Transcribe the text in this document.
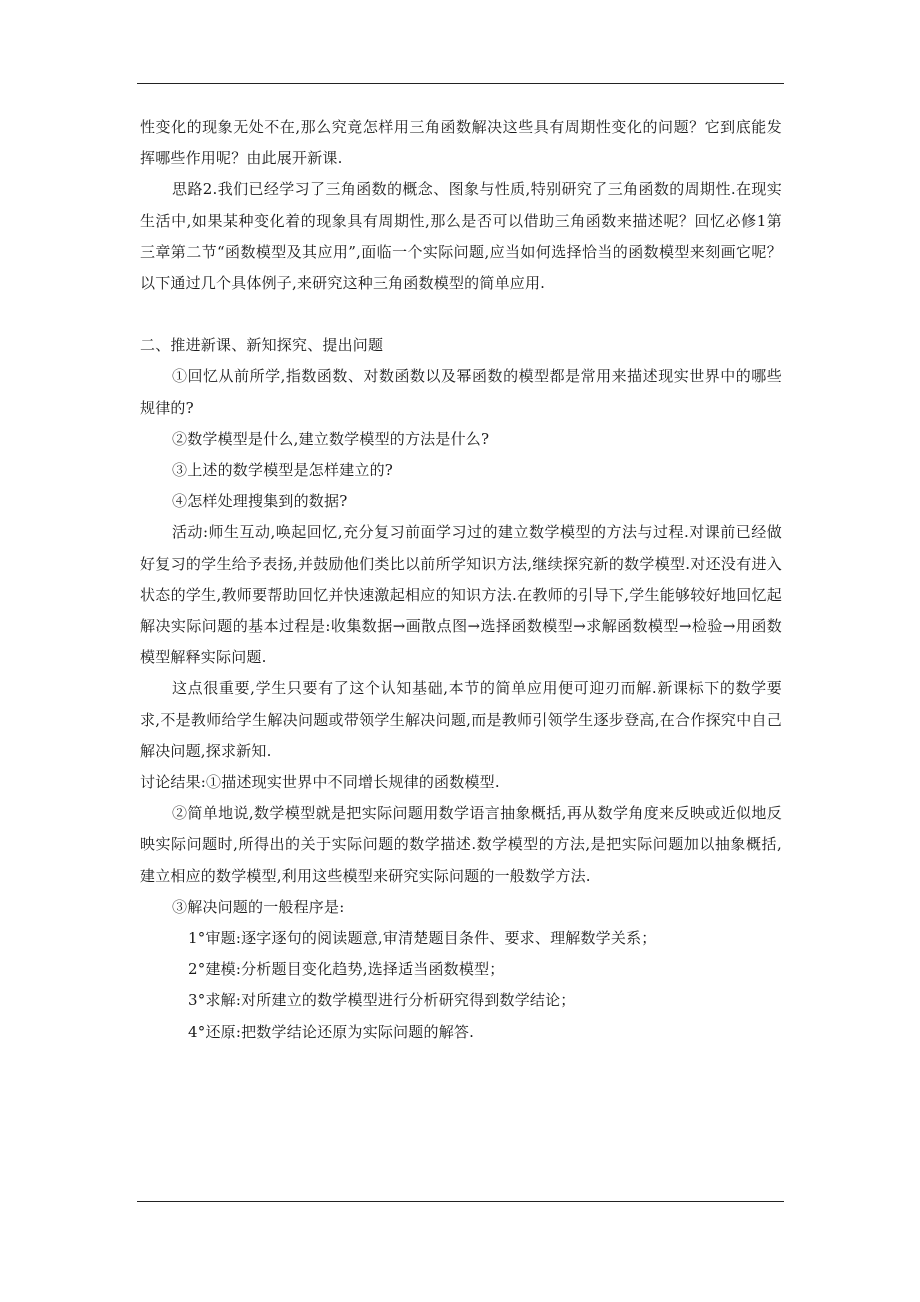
性变化的现象无处不在,那么究竟怎样用三角函数解决这些具有周期性变化的问题？它到底能发挥哪些作用呢？由此展开新课.

思路2.我们已经学习了三角函数的概念、图象与性质,特别研究了三角函数的周期性.在现实生活中,如果某种变化着的现象具有周期性,那么是否可以借助三角函数来描述呢？回忆必修1第三章第二节“函数模型及其应用”,面临一个实际问题,应当如何选择恰当的函数模型来刻画它呢？以下通过几个具体例子,来研究这种三角函数模型的简单应用.

二、推进新课、新知探究、提出问题

①回忆从前所学,指数函数、对数函数以及幂函数的模型都是常用来描述现实世界中的哪些规律的?

②数学模型是什么,建立数学模型的方法是什么?

③上述的数学模型是怎样建立的?

④怎样处理搜集到的数据?

活动:师生互动,唤起回忆,充分复习前面学习过的建立数学模型的方法与过程.对课前已经做好复习的学生给予表扬,并鼓励他们类比以前所学知识方法,继续探究新的数学模型.对还没有进入状态的学生,教师要帮助回忆并快速激起相应的知识方法.在教师的引导下,学生能够较好地回忆起解决实际问题的基本过程是:收集数据→画散点图→选择函数模型→求解函数模型→检验→用函数模型解释实际问题.

这点很重要,学生只要有了这个认知基础,本节的简单应用便可迎刃而解.新课标下的数学要求,不是教师给学生解决问题或带领学生解决问题,而是教师引领学生逐步登高,在合作探究中自己解决问题,探求新知.

讨论结果:①描述现实世界中不同增长规律的函数模型.

②简单地说,数学模型就是把实际问题用数学语言抽象概括,再从数学角度来反映或近似地反映实际问题时,所得出的关于实际问题的数学描述.数学模型的方法,是把实际问题加以抽象概括,建立相应的数学模型,利用这些模型来研究实际问题的一般数学方法.

③解决问题的一般程序是:

1°审题:逐字逐句的阅读题意,审清楚题目条件、要求、理解数学关系；

2°建模:分析题目变化趋势,选择适当函数模型；

3°求解:对所建立的数学模型进行分析研究得到数学结论；

4°还原:把数学结论还原为实际问题的解答.
